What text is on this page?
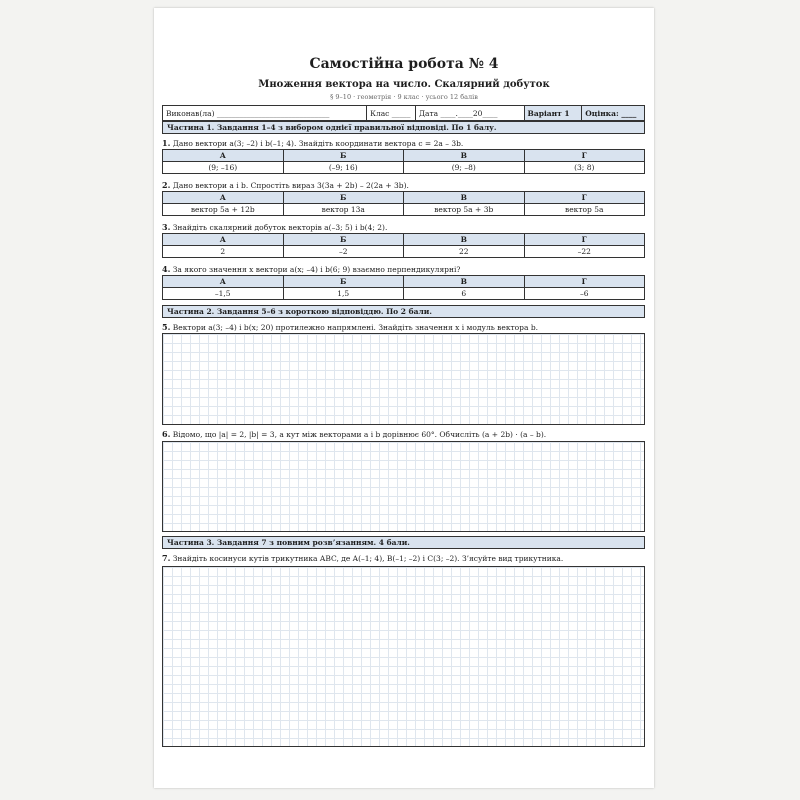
Самостійна робота № 4
Множення вектора на число. Скалярний добуток
§ 9–10 · геометрія · 9 клас · усього 12 балів
Виконав(ла) ______________________________	Клас _____	Дата ____.____20____	Варіант 1	Оцінка: ____
Частина 1. Завдання 1–4 з вибором однієї правильної відповіді. По 1 балу.
1. Дано вектори a(3; –2) і b(–1; 4). Знайдіть координати вектора c = 2a – 3b.
А	Б	В	Г
(9; –16)	(–9; 16)	(9; –8)	(3; 8)
2. Дано вектори a і b. Спростіть вираз 3(3a + 2b) – 2(2a + 3b).
А	Б	В	Г
вектор 5a + 12b	вектор 13a	вектор 5a + 3b	вектор 5a
3. Знайдіть скалярний добуток векторів a(–3; 5) і b(4; 2).
А	Б	В	Г
2	–2	22	–22
4. За якого значення x вектори a(x; –4) і b(6; 9) взаємно перпендикулярні?
А	Б	В	Г
–1,5	1,5	6	–6
Частина 2. Завдання 5–6 з короткою відповіддю. По 2 бали.
5. Вектори a(3; –4) і b(x; 20) протилежно напрямлені. Знайдіть значення x і модуль вектора b.
6. Відомо, що |a| = 2, |b| = 3, а кут між векторами a і b дорівнює 60°. Обчисліть (a + 2b) · (a – b).
Частина 3. Завдання 7 з повним розв’язанням. 4 бали.
7. Знайдіть косинуси кутів трикутника ABC, де A(–1; 4), B(–1; –2) і C(3; –2). З’ясуйте вид трикутника.
